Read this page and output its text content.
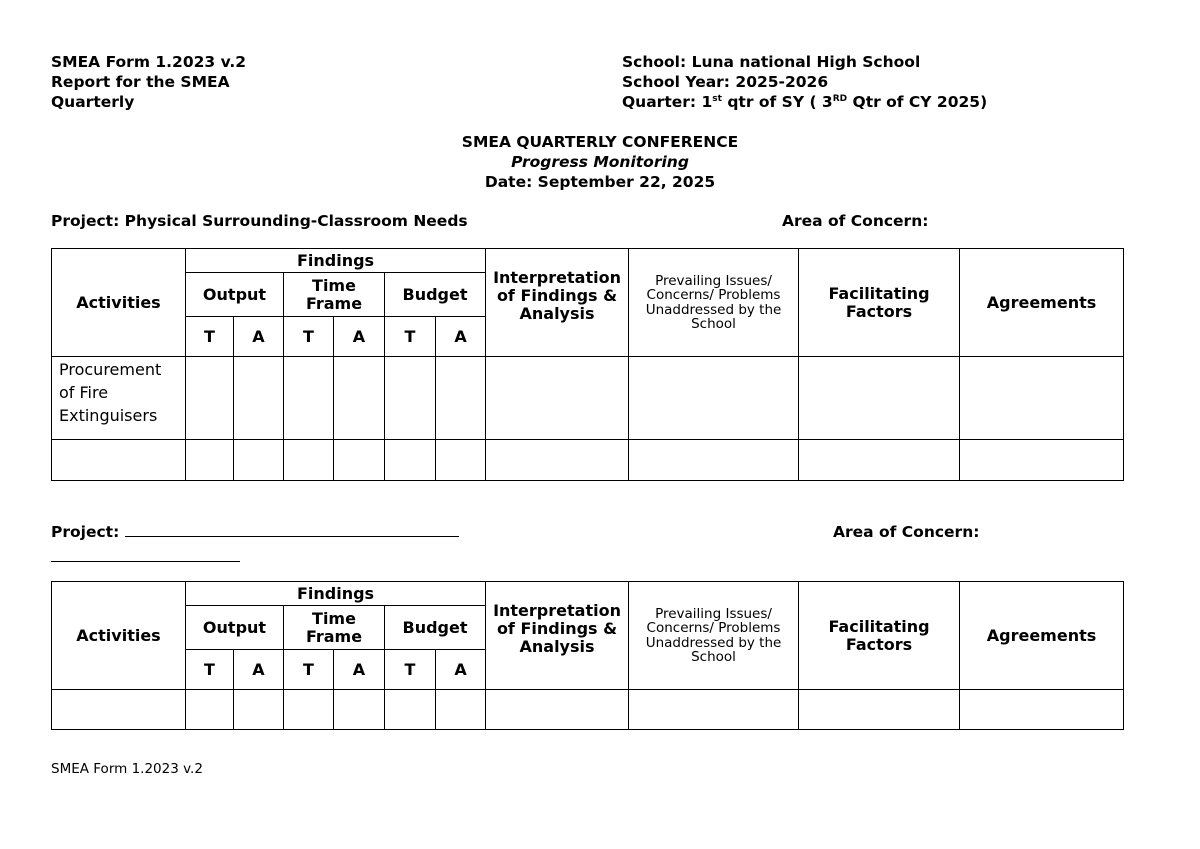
SMEA Form 1.2023 v.2
Report for the SMEA
Quarterly
School: Luna national High School
School Year: 2025-2026
Quarter: 1st qtr of SY ( 3RD Qtr of CY 2025)
SMEA QUARTERLY CONFERENCE
Progress Monitoring
Date: September 22, 2025
Project: Physical Surrounding-Classroom Needs	Area of Concern:
Activities	Findings						Interpretation of Findings & Analysis	Prevailing Issues/ Concerns/ Problems Unaddressed by the School	Facilitating Factors	Agreements
	Output		Time Frame		Budget					
	T	A	T	A	T	A				
Procurement of Fire Extinguisers										

Project:	Area of Concern:
Activities	Findings						Interpretation of Findings & Analysis	Prevailing Issues/ Concerns/ Problems Unaddressed by the School	Facilitating Factors	Agreements
	Output		Time Frame		Budget					
	T	A	T	A	T	A				

SMEA Form 1.2023 v.2
